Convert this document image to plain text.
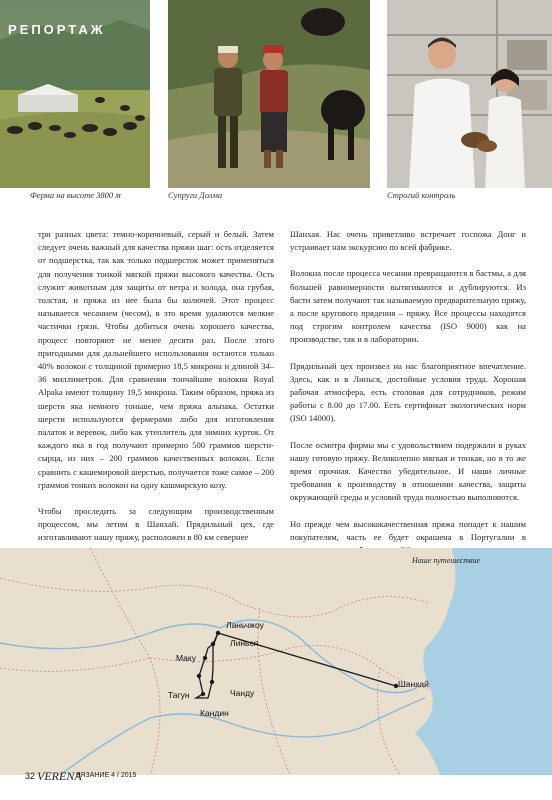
РЕПОРТАЖ
Ферма на высоте 3800 м	Супруги Долма	Строгий контроль

три разных цвета: темно-коричневый, серый и белый. Затем следует очень важный для качества пряжи шаг: ость отделяется от подшерстка, так как только подшерсток может применяться для получения тонкой мягкой пряжи высокого качества. Ость служит животным для защиты от ветра и холода, она грубая, толстая, и пряжа из нее была бы колючей. Этот процесс называется чесанием (чесом), в это время удаляются мелкие частички грязи. Чтобы добиться очень хорошего качества, процесс повторяют не менее десяти раз. После этого пригодными для дальнейшего использования остаются только 40% волокон с толщиной примерно 18,5 микрона и длиной 34–36 миллиметров. Для сравнения тончайшие волокна Royal Alpaka имеют толщину 19,5 микрона. Таким образом, пряжа из шерсти яка немного тоньше, чем пряжа альпака. Остатки шерсти используются фермерами либо для изготовления палаток и веревок, либо как утеплитель для зимних курток. От каждого яка в год получают примерно 500 граммов шерсти-сырца, из них – 200 граммов качественных волокон. Если сравнить с кашемировой шерстью, получается тоже самое – 200 граммов тонких волокон на одну кашмирскую козу.

Чтобы проследить за следующим производственным процессом, мы летим в Шанхай. Прядильный цех, где изготавливают нашу пряжу, расположен в 80 км севернее

Шанхая. Нас очень приветливо встречает госпожа Донг и устраивает нам экскурсию по всей фабрике.

Волокна после процесса чесания превращаются в бастмы, а для большей равномерности вытягиваются и дублируются. Из басти затем получают так называемую предварительную пряжу, а после кругового прядения – пряжу. Все процессы находятся под строгим контролем качества (ISO 9000) как на производстве, так и в лаборатории.

Прядильный цех произвел на нас благоприятное впечатление. Здесь, как и в Линься, достойные условия труда. Хорошая рабочая атмосфера, есть столовая для сотрудников, режим работы с 8.00 до 17.00. Есть сертификат экологических норм (ISO 14000).

После осмотра фирмы мы с удовольствием подержали в руках нашу готовую пряжу. Великолепно мягкая и тонкая, но в то же время прочная. Качество убедительное. И наши личные требования к производству в отношении качества, защиты окружающей среды и условий труда полностью выполняются.

Но прежде чем высококачественная пряжа попадет к нашим покупателям, часть ее будет окрашена в Португалии в

Наше путешествие
Ланьчжоу
Линься
Маку
Тагун	Чанду
Кандин
Шанхай
32 VERENA
ВЯЗАНИЕ 4 / 2015
PassionForum.ru
